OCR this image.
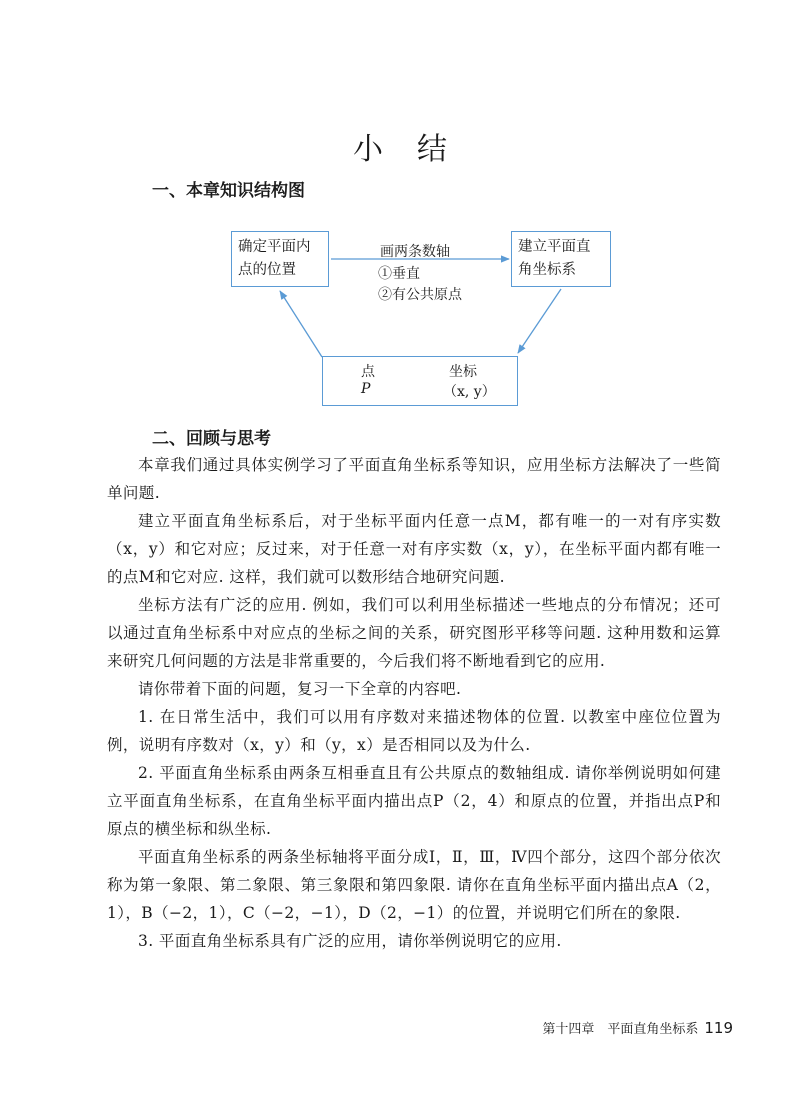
小结
一、本章知识结构图
确定平面内点的位置
建立平面直角坐标系
画两条数轴
①垂直
②有公共原点
点	坐标
P	（x, y）
二、回顾与思考

本章我们通过具体实例学习了平面直角坐标系等知识，应用坐标方法解决了一些简单问题.

建立平面直角坐标系后，对于坐标平面内任意一点M，都有唯一的一对有序实数（x，y）和它对应；反过来，对于任意一对有序实数（x，y），在坐标平面内都有唯一的点M和它对应. 这样，我们就可以数形结合地研究问题.

坐标方法有广泛的应用. 例如，我们可以利用坐标描述一些地点的分布情况；还可以通过直角坐标系中对应点的坐标之间的关系，研究图形平移等问题. 这种用数和运算来研究几何问题的方法是非常重要的，今后我们将不断地看到它的应用.

请你带着下面的问题，复习一下全章的内容吧.

1. 在日常生活中，我们可以用有序数对来描述物体的位置. 以教室中座位位置为例，说明有序数对（x，y）和（y，x）是否相同以及为什么.

2. 平面直角坐标系由两条互相垂直且有公共原点的数轴组成. 请你举例说明如何建立平面直角坐标系，在直角坐标平面内描出点P（2，4）和原点的位置，并指出点P和原点的横坐标和纵坐标.

平面直角坐标系的两条坐标轴将平面分成Ⅰ，Ⅱ，Ⅲ，Ⅳ四个部分，这四个部分依次称为第一象限、第二象限、第三象限和第四象限. 请你在直角坐标平面内描出点A（2，1），B（−2，1），C（−2，−1），D（2，−1）的位置，并说明它们所在的象限.

3. 平面直角坐标系具有广泛的应用，请你举例说明它的应用.

第十四章　平面直角坐标系 119
